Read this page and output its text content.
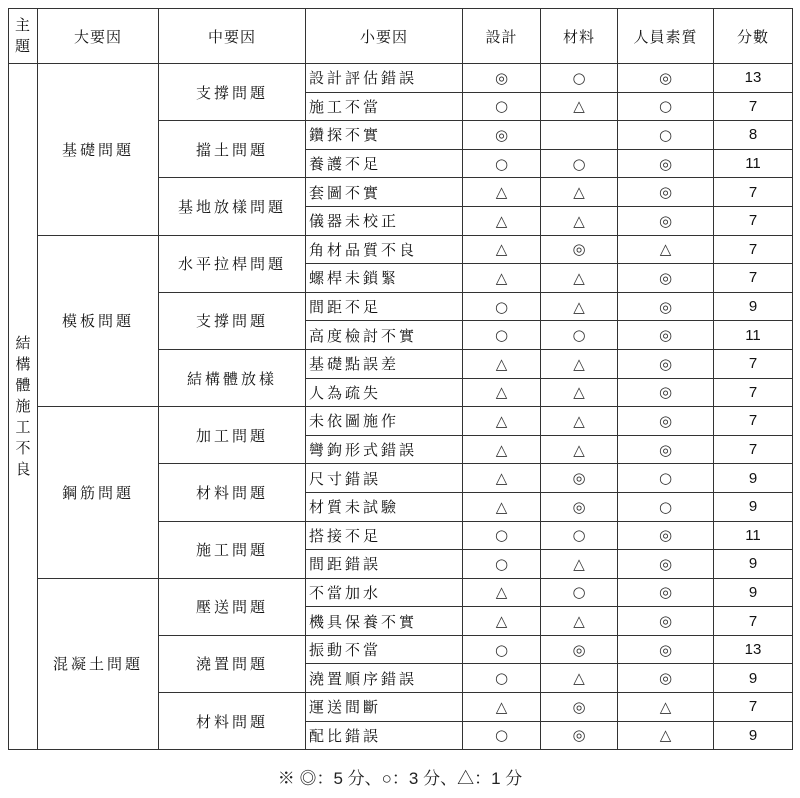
主題	大要因	中要因	小要因	設計	材料	人員素質	分數
結構體施工不良	基礎問題	支撐問題	設計評估錯誤	◎	○	◎	13
			施工不當	○	△	○	7
		擋土問題	鑽探不實	◎		○	8
			養護不足	○	○	◎	11
		基地放樣問題	套圖不實	△	△	◎	7
			儀器未校正	△	△	◎	7
	模板問題	水平拉桿問題	角材品質不良	△	◎	△	7
			螺桿未鎖緊	△	△	◎	7
		支撐問題	間距不足	○	△	◎	9
			高度檢討不實	○	○	◎	11
		結構體放樣	基礎點誤差	△	△	◎	7
			人為疏失	△	△	◎	7
	鋼筋問題	加工問題	未依圖施作	△	△	◎	7
			彎鉤形式錯誤	△	△	◎	7
		材料問題	尺寸錯誤	△	◎	○	9
			材質未試驗	△	◎	○	9
		施工問題	搭接不足	○	○	◎	11
			間距錯誤	○	△	◎	9
	混凝土問題	壓送問題	不當加水	△	○	◎	9
			機具保養不實	△	△	◎	7
		澆置問題	振動不當	○	◎	◎	13
			澆置順序錯誤	○	△	◎	9
		材料問題	運送間斷	△	◎	△	7
			配比錯誤	○	◎	△	9
※ ◎：5 分、○：3 分、△：1 分
